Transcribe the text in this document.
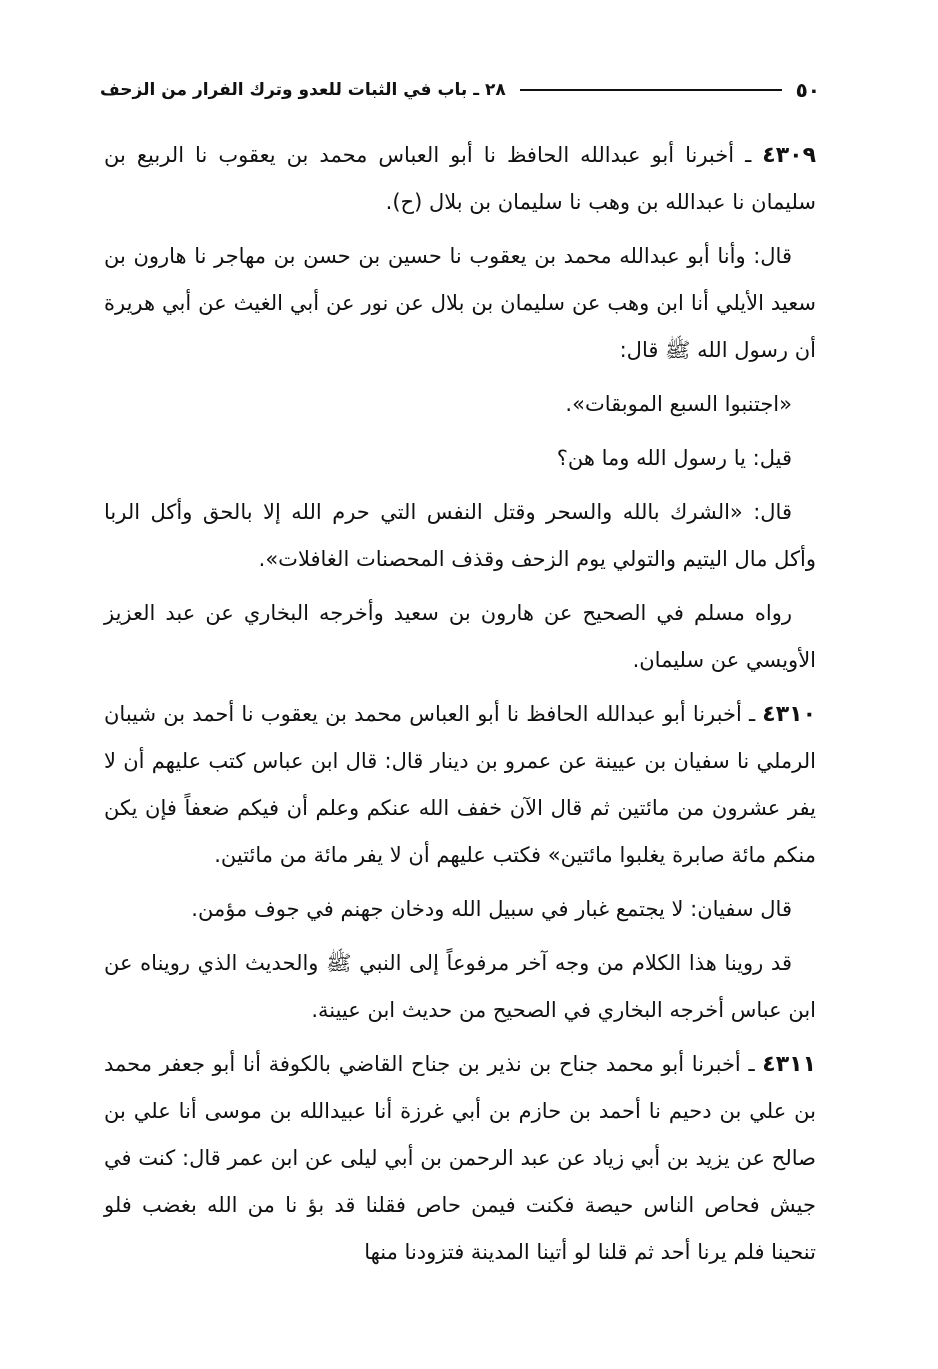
٥٠
٢٨ ـ باب في الثبات للعدو وترك الفرار من الزحف

٤٣٠٩ ـ أخبرنا أبو عبدالله الحافظ نا أبو العباس محمد بن يعقوب نا الربيع بن سليمان نا عبدالله بن وهب نا سليمان بن بلال (ح).

قال: وأنا أبو عبدالله محمد بن يعقوب نا حسين بن حسن بن مهاجر نا هارون بن سعيد الأيلي أنا ابن وهب عن سليمان بن بلال عن نور عن أبي الغيث عن أبي هريرة أن رسول الله ﷺ قال:

«اجتنبوا السبع الموبقات».

قيل: يا رسول الله وما هن؟

قال: «الشرك بالله والسحر وقتل النفس التي حرم الله إلا بالحق وأكل الربا وأكل مال اليتيم والتولي يوم الزحف وقذف المحصنات الغافلات».

رواه مسلم في الصحيح عن هارون بن سعيد وأخرجه البخاري عن عبد العزيز الأويسي عن سليمان.

٤٣١٠ ـ أخبرنا أبو عبدالله الحافظ نا أبو العباس محمد بن يعقوب نا أحمد بن شيبان الرملي نا سفيان بن عيينة عن عمرو بن دينار قال: قال ابن عباس كتب عليهم أن لا يفر عشرون من مائتين ثم قال الآن خفف الله عنكم وعلم أن فيكم ضعفاً فإن يكن منكم مائة صابرة يغلبوا مائتين» فكتب عليهم أن لا يفر مائة من مائتين.

قال سفيان: لا يجتمع غبار في سبيل الله ودخان جهنم في جوف مؤمن.

قد روينا هذا الكلام من وجه آخر مرفوعاً إلى النبي ﷺ والحديث الذي رويناه عن ابن عباس أخرجه البخاري في الصحيح من حديث ابن عيينة.

٤٣١١ ـ أخبرنا أبو محمد جناح بن نذير بن جناح القاضي بالكوفة أنا أبو جعفر محمد بن علي بن دحيم نا أحمد بن حازم بن أبي غرزة أنا عبيدالله بن موسى أنا علي بن صالح عن يزيد بن أبي زياد عن عبد الرحمن بن أبي ليلى عن ابن عمر قال: كنت في جيش فحاص الناس حيصة فكنت فيمن حاص فقلنا قد بؤ نا من الله بغضب فلو تنحينا فلم يرنا أحد ثم قلنا لو أتينا المدينة فتزودنا منها
